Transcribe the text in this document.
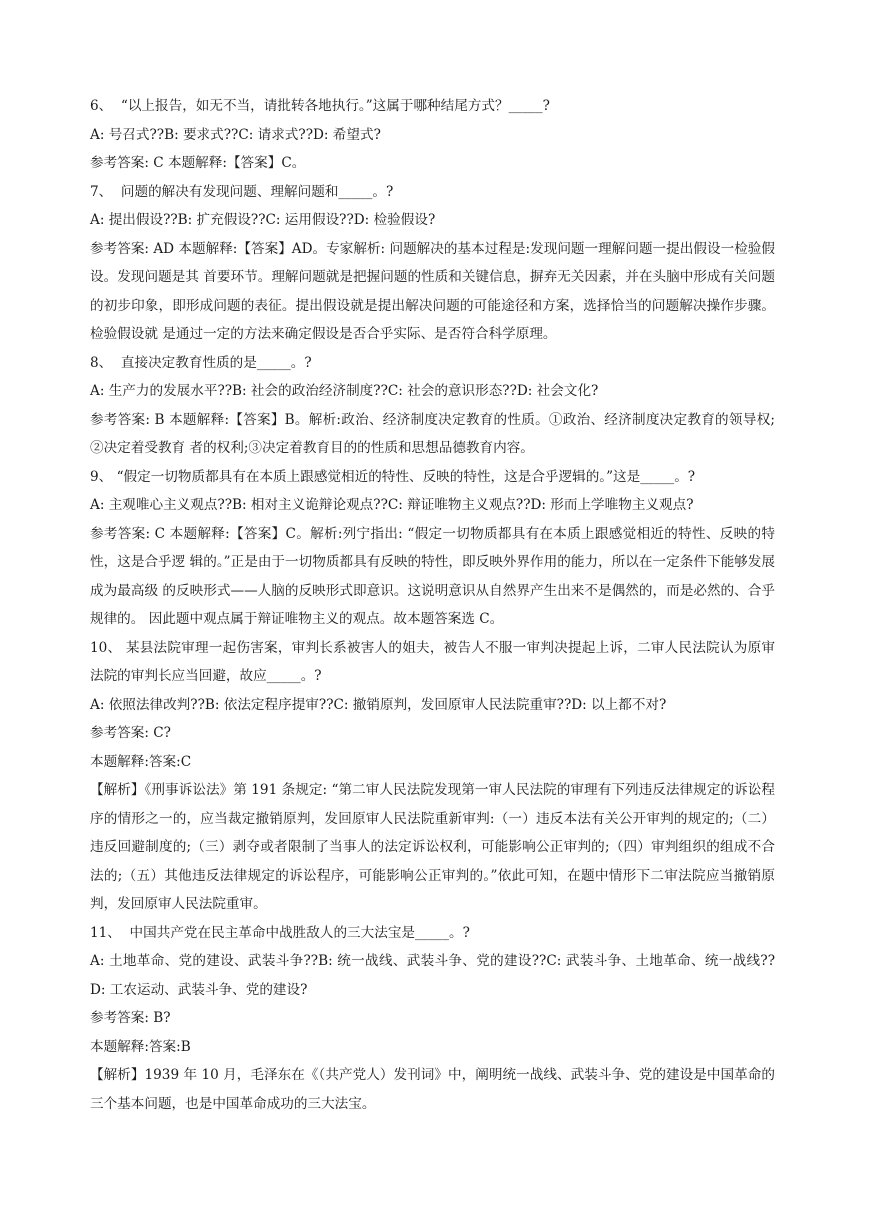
6、  “以上报告，如无不当，请批转各地执行。”这属于哪种结尾方式？_____?

A: 号召式??B: 要求式??C: 请求式??D: 希望式?

参考答案: C 本题解释:【答案】C。

7、  问题的解决有发现问题、理解问题和_____。?

A: 提出假设??B: 扩充假设??C: 运用假设??D: 检验假设?

参考答案: AD 本题解释:【答案】AD。专家解析: 问题解决的基本过程是:发现问题一理解问题一提出假设一检验假设。发现问题是其 首要环节。理解问题就是把握问题的性质和关键信息，摒弃无关因素，并在头脑中形成有关问题的初步印象，即形成问题的表征。提出假设就是提出解决问题的可能途径和方案，选择恰当的问题解决操作步骤。检验假设就 是通过一定的方法来确定假设是否合乎实际、是否符合科学原理。

8、  直接决定教育性质的是_____。?

A: 生产力的发展水平??B: 社会的政治经济制度??C: 社会的意识形态??D: 社会文化?

参考答案: B 本题解释:【答案】B。解析:政治、经济制度决定教育的性质。①政治、经济制度决定教育的领导权;②决定着受教育 者的权利;③决定着教育目的的性质和思想品德教育内容。

9、 “假定一切物质都具有在本质上跟感觉相近的特性、反映的特性，这是合乎逻辑的。”这是_____。?

A: 主观唯心主义观点??B: 相对主义诡辩论观点??C: 辩证唯物主义观点??D: 形而上学唯物主义观点?

参考答案: C 本题解释:【答案】C。解析:列宁指出: “假定一切物质都具有在本质上跟感觉相近的特性、反映的特性，这是合乎逻 辑的。”正是由于一切物质都具有反映的特性，即反映外界作用的能力，所以在一定条件下能够发展成为最高级 的反映形式——人脑的反映形式即意识。这说明意识从自然界产生出来不是偶然的，而是必然的、合乎规律的。 因此题中观点属于辩证唯物主义的观点。故本题答案选 C。

10、 某县法院审理一起伤害案，审判长系被害人的姐夫，被告人不服一审判决提起上诉，二审人民法院认为原审法院的审判长应当回避，故应_____。?

A: 依照法律改判??B: 依法定程序提审??C: 撤销原判，发回原审人民法院重审??D: 以上都不对?

参考答案: C?

本题解释:答案:C

【解析】《刑事诉讼法》第 191 条规定: “第二审人民法院发现第一审人民法院的审理有下列违反法律规定的诉讼程序的情形之一的，应当裁定撤销原判，发回原审人民法院重新审判:（一）违反本法有关公开审判的规定的;（二）违反回避制度的;（三）剥夺或者限制了当事人的法定诉讼权利，可能影响公正审判的;（四）审判组织的组成不合法的;（五）其他违反法律规定的诉讼程序，可能影响公正审判的。”依此可知，在题中情形下二审法院应当撤销原判，发回原审人民法院重审。

11、  中国共产党在民主革命中战胜敌人的三大法宝是_____。?

A: 土地革命、党的建设、武装斗争??B: 统一战线、武装斗争、党的建设??C: 武装斗争、土地革命、统一战线??D: 工农运动、武装斗争、党的建设?

参考答案: B?

本题解释:答案:B

【解析】1939 年 10 月，毛泽东在《（共产党人）发刊词》中，阐明统一战线、武装斗争、党的建设是中国革命的三个基本问题，也是中国革命成功的三大法宝。
